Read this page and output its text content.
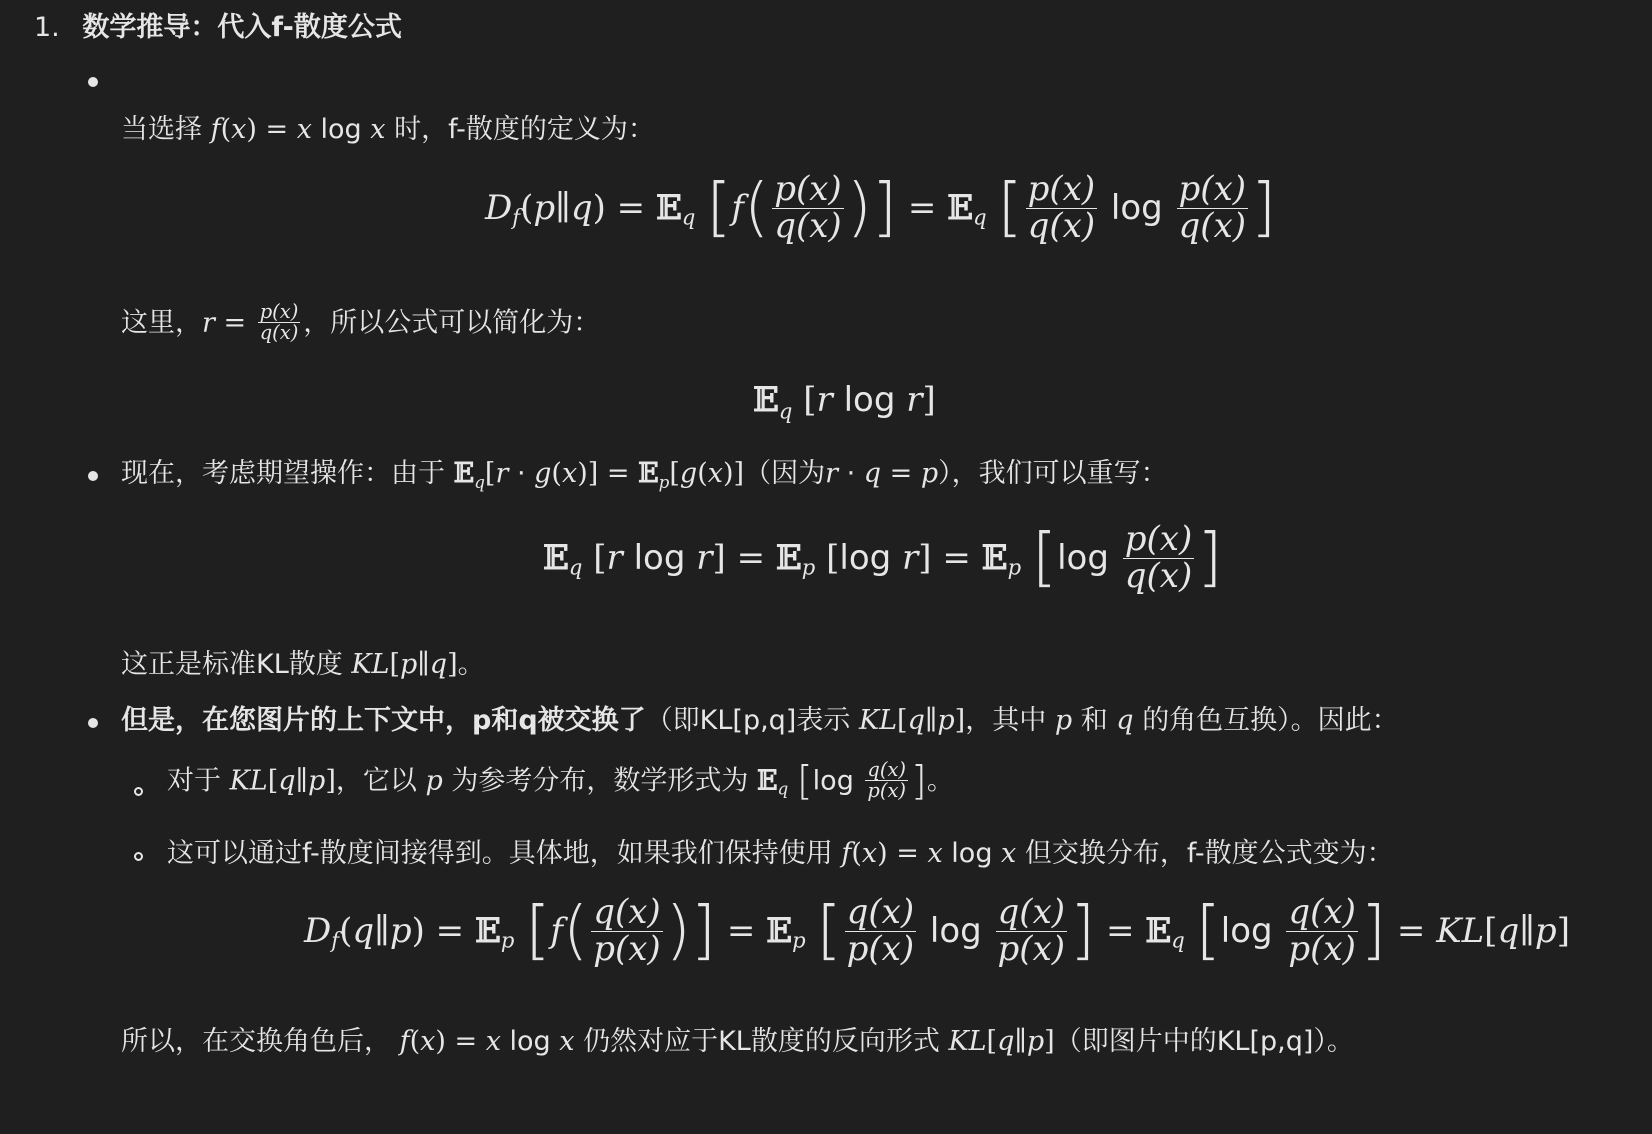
1. 数学推导：代入f-散度公式
当选择 f(x) = x log x 时，f-散度的定义为：
$D_f(p\parallel q)$ = 𝔼$_q$ [$f( \frac{p(x)}{q(x)}$ )] = 𝔼$_q$ [ $\frac{p(x)}{q(x)}$ $\log \frac{p(x)}{q(x)}$ ]
这里，$r = \frac{p(x)}{q(x)}$ ，所以公式可以简化为：
𝔼$_q$ [r log r]
现在，考虑期望操作：由于 𝔼$_q$[r · g(x)] = 𝔼$_p$[g(x)]（因为r · q = p），我们可以重写：
𝔼$_q$ [r log r] = 𝔼$_p$ [log r] = 𝔼$_p$ [$\log \frac{p(x)}{q(x)}$ ]
这正是标准KL散度 KL[p∥q]。
但是，在您图片的上下文中，p和q被交换了（即KL[p,q]表示 KL[q∥p]，其中 p 和 q 的角色互换）。因此：
对于 KL[q∥p]，它以 p 为参考分布，数学形式为 𝔼$_q$ [$\log \frac{q(x)}{p(x)}$ ]。
这可以通过f-散度间接得到。具体地，如果我们保持使用 f(x) = x log x 但交换分布，f-散度公式变为：
$D_f(q\parallel p)$ = 𝔼$_p$ [$f( \frac{q(x)}{p(x)}$ )] = 𝔼$_p$ [ $\frac{q(x)}{p(x)}$ $\log \frac{q(x)}{p(x)}$ ] = 𝔼$_q$ [$\log \frac{q(x)}{p(x)}$ ] = KL[q∥p]
所以，在交换角色后， f(x) = x log x 仍然对应于KL散度的反向形式 KL[q∥p]（即图片中的KL[p,q]）。
